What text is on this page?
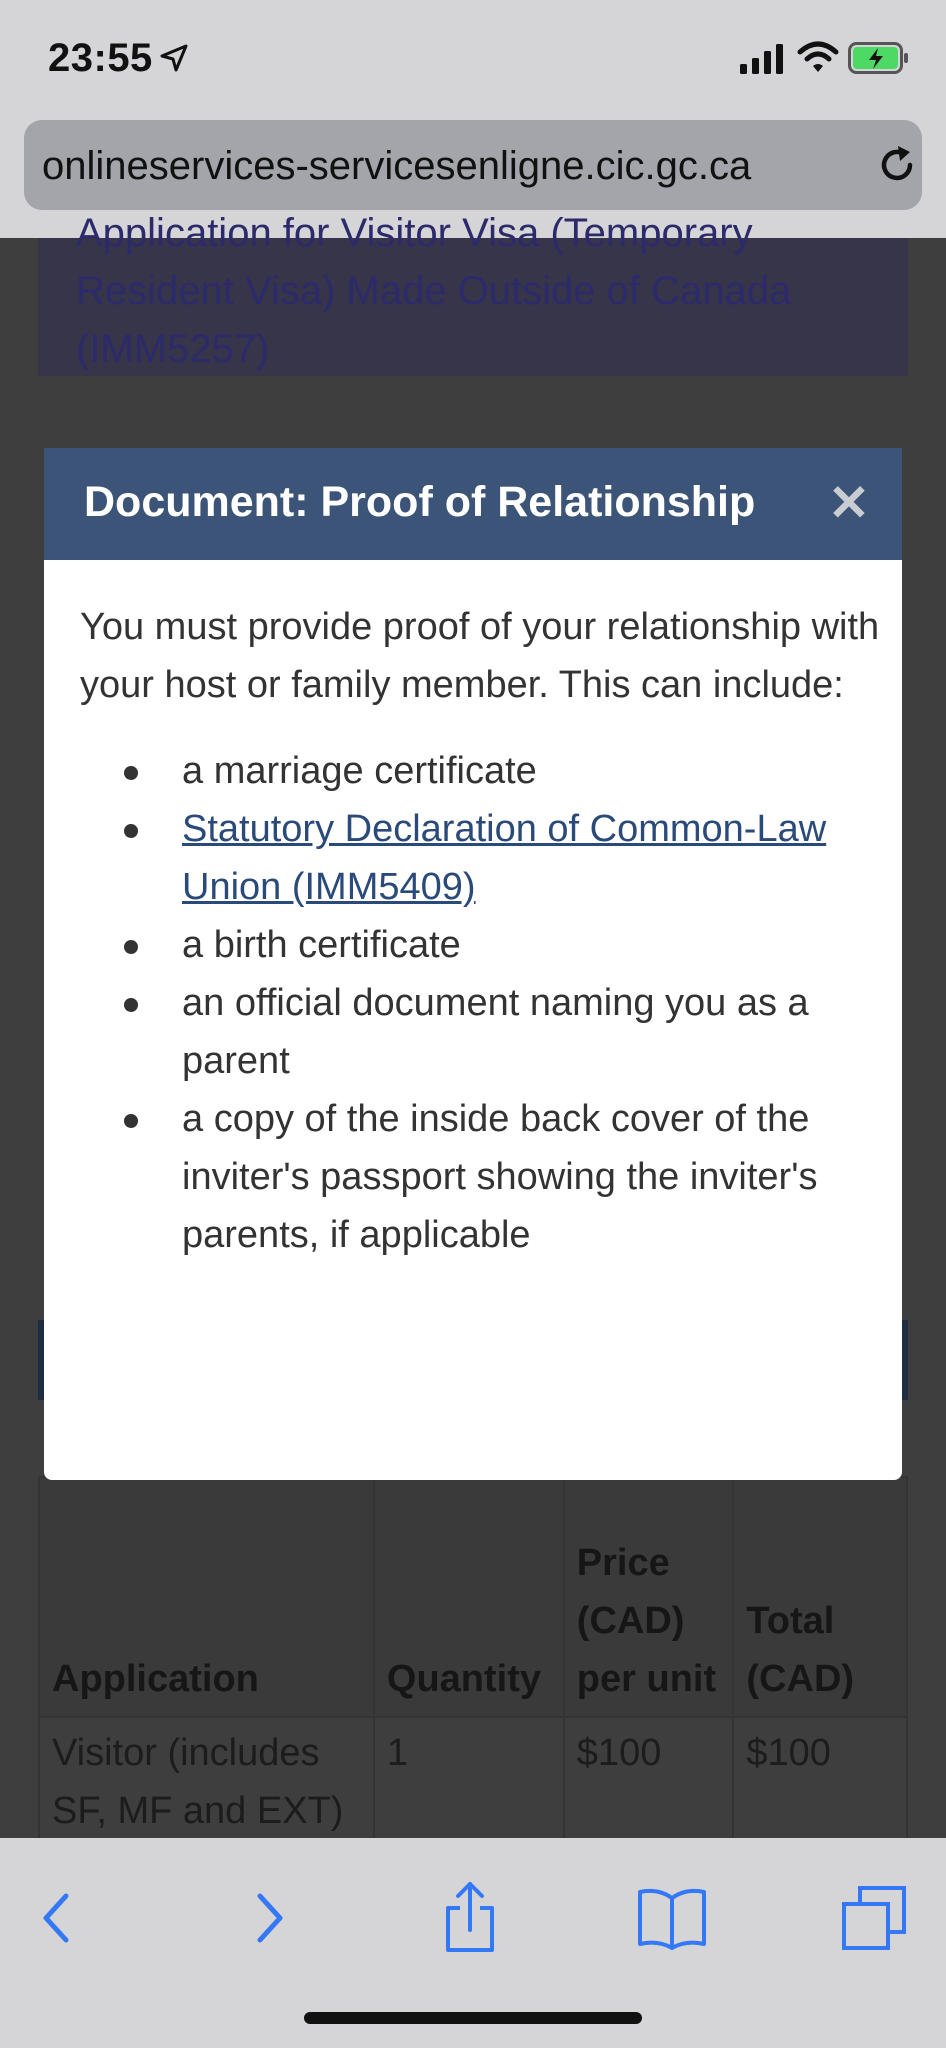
23:55
onlineservices-servicesenligne.cic.gc.ca
Application for Visitor Visa (Temporary
Resident Visa) Made Outside of Canada
(IMM5257)
Application	Quantity	Price (CAD) per unit	Total (CAD)
Visitor (includes SF, MF and EXT)	1	$100	$100
Document: Proof of Relationship ✕

You must provide proof of your relationship with your host or family member. This can include:

a marriage certificate
Statutory Declaration of Common-Law Union (IMM5409)
a birth certificate
an official document naming you as a parent
a copy of the inside back cover of the inviter's passport showing the inviter's parents, if applicable
